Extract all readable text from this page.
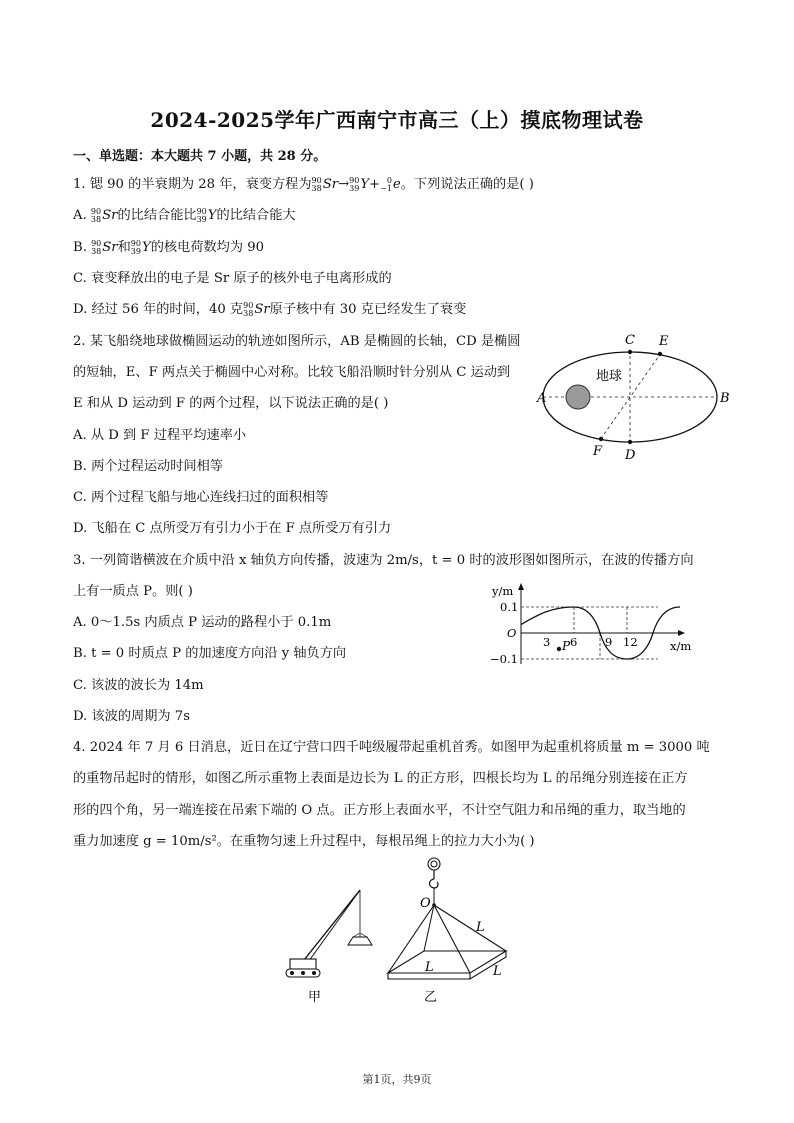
2024-2025学年广西南宁市高三（上）摸底物理试卷
一、单选题：本大题共 7 小题，共 28 分。
1. 锶 90 的半衰期为 28 年，衰变方程为 90
38 Sr→ 90
39 Y+ 0
−1 e。下列说法正确的是( )
A. 90
38 Sr的比结合能比 90
39 Y的比结合能大
B. 90
38 Sr和 90
39 Y的核电荷数均为 90
C. 衰变释放出的电子是 Sr 原子的核外电子电离形成的
D. 经过 56 年的时间，40 克 90
38 Sr原子核中有 30 克已经发生了衰变
2. 某飞船绕地球做椭圆运动的轨迹如图所示，AB 是椭圆的长轴，CD 是椭圆
的短轴，E、F 两点关于椭圆中心对称。比较飞船沿顺时针分别从 C 运动到
E 和从 D 运动到 F 的两个过程，以下说法正确的是( )
A. 从 D 到 F 过程平均速率小
B. 两个过程运动时间相等
C. 两个过程飞船与地心连线扫过的面积相等
D. 飞船在 C 点所受万有引力小于在 F 点所受万有引力
地球
A	B
C E
D
F
3. 一列简谐横波在介质中沿 x 轴负方向传播，波速为 2m/s，t = 0 时的波形图如图所示，在波的传播方向
上有一质点 P。则( )
A. 0～1.5s 内质点 P 运动的路程小于 0.1m
B. t = 0 时质点 P 的加速度方向沿 y 轴负方向
C. 该波的波长为 14m
D. 该波的周期为 7s
y/m
x/m
0.1
−0.1
O
3 6 9 12
P
4. 2024 年 7 月 6 日消息，近日在辽宁营口四千吨级履带起重机首秀。如图甲为起重机将质量 m = 3000 吨
的重物吊起时的情形，如图乙所示重物上表面是边长为 L 的正方形，四根长均为 L 的吊绳分别连接在正方
形的四个角，另一端连接在吊索下端的 O 点。正方形上表面水平，不计空气阻力和吊绳的重力，取当地的
重力加速度 g = 10m/s²。在重物匀速上升过程中，每根吊绳上的拉力大小为( )
甲
O
L
L	L
乙
第1页，共9页
